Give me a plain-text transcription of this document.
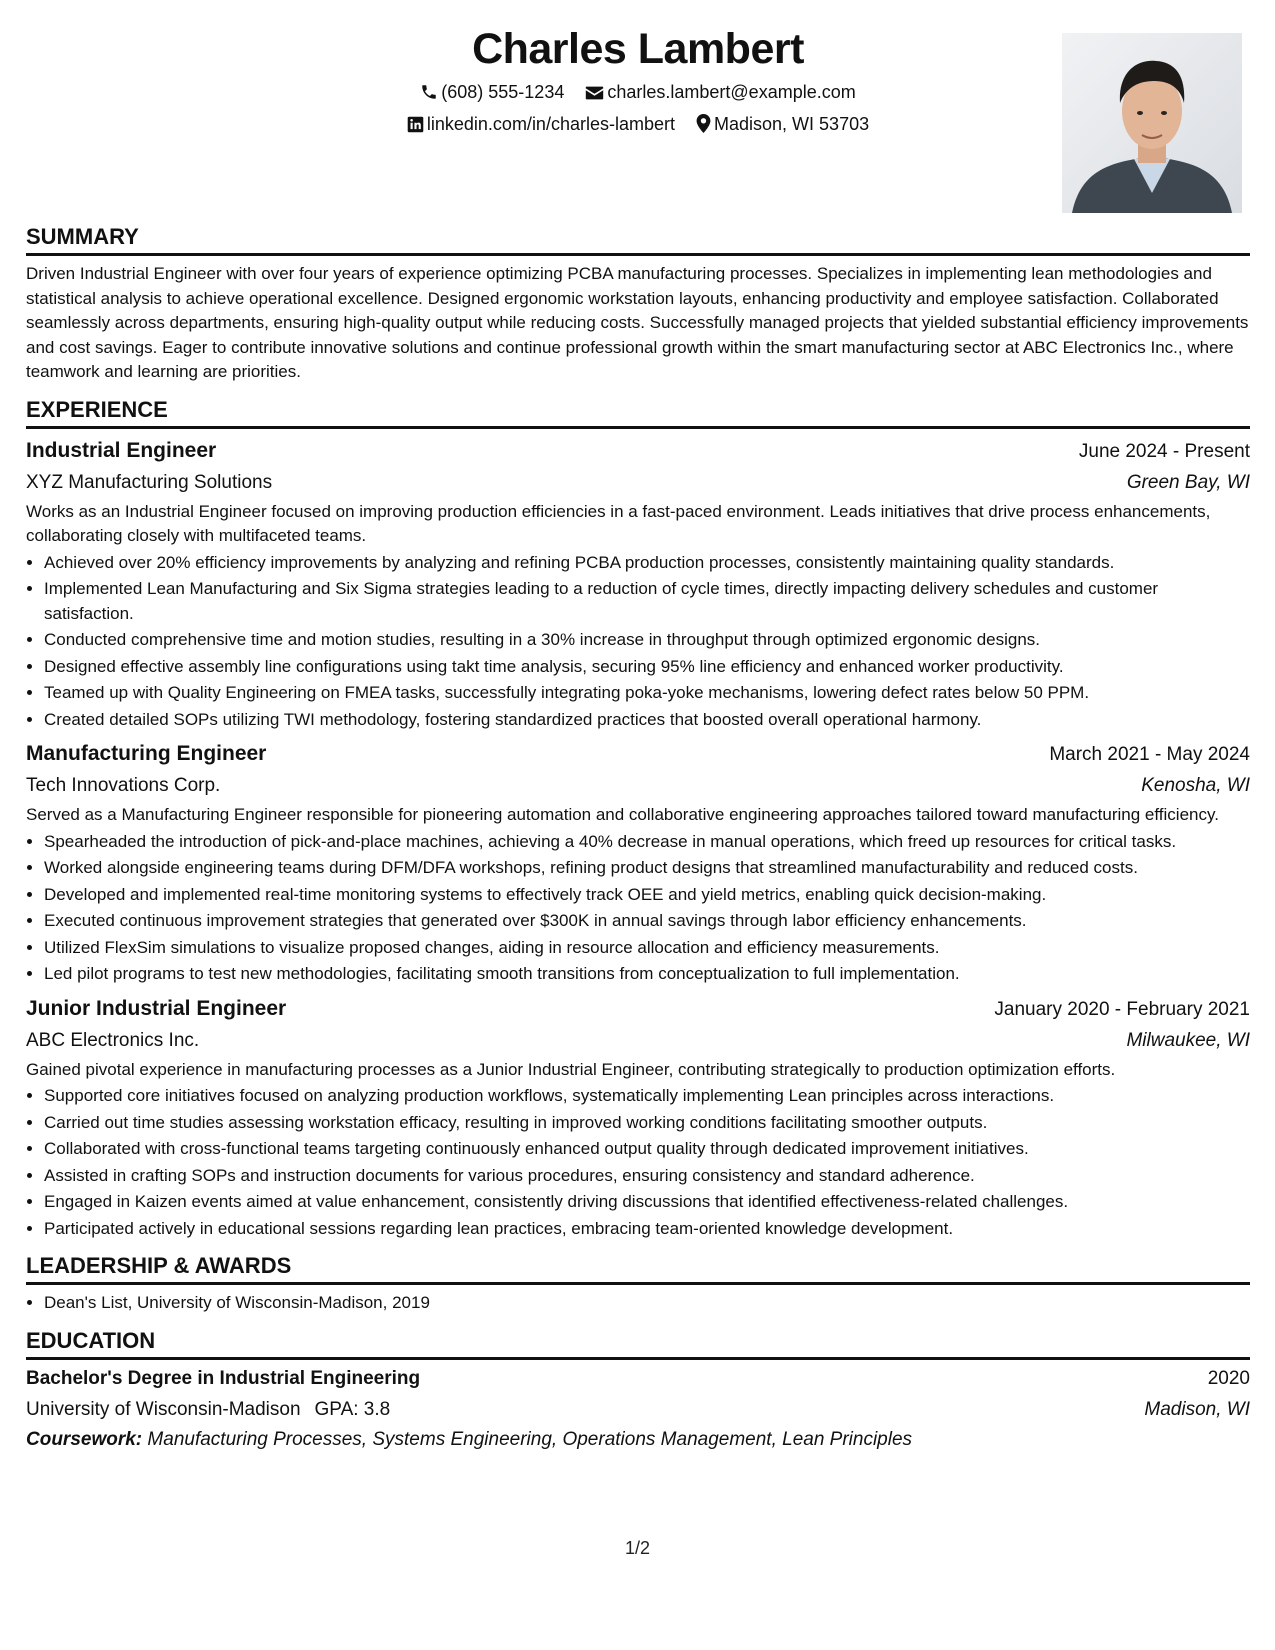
Charles Lambert
(608) 555-1234 charles.lambert@example.com
linkedin.com/in/charles-lambert Madison, WI 53703
SUMMARY
Driven Industrial Engineer with over four years of experience optimizing PCBA manufacturing processes. Specializes in implementing lean methodologies and statistical analysis to achieve operational excellence. Designed ergonomic workstation layouts, enhancing productivity and employee satisfaction. Collaborated seamlessly across departments, ensuring high-quality output while reducing costs. Successfully managed projects that yielded substantial efficiency improvements and cost savings. Eager to contribute innovative solutions and continue professional growth within the smart manufacturing sector at ABC Electronics Inc., where teamwork and learning are priorities.
EXPERIENCE
Industrial Engineer	June 2024 - Present
XYZ Manufacturing Solutions	Green Bay, WI
Works as an Industrial Engineer focused on improving production efficiencies in a fast-paced environment. Leads initiatives that drive process enhancements, collaborating closely with multifaceted teams.
• Achieved over 20% efficiency improvements by analyzing and refining PCBA production processes, consistently maintaining quality standards.
• Implemented Lean Manufacturing and Six Sigma strategies leading to a reduction of cycle times, directly impacting delivery schedules and customer satisfaction.
• Conducted comprehensive time and motion studies, resulting in a 30% increase in throughput through optimized ergonomic designs.
• Designed effective assembly line configurations using takt time analysis, securing 95% line efficiency and enhanced worker productivity.
• Teamed up with Quality Engineering on FMEA tasks, successfully integrating poka-yoke mechanisms, lowering defect rates below 50 PPM.
• Created detailed SOPs utilizing TWI methodology, fostering standardized practices that boosted overall operational harmony.
Manufacturing Engineer	March 2021 - May 2024
Tech Innovations Corp.	Kenosha, WI
Served as a Manufacturing Engineer responsible for pioneering automation and collaborative engineering approaches tailored toward manufacturing efficiency.
• Spearheaded the introduction of pick-and-place machines, achieving a 40% decrease in manual operations, which freed up resources for critical tasks.
• Worked alongside engineering teams during DFM/DFA workshops, refining product designs that streamlined manufacturability and reduced costs.
• Developed and implemented real-time monitoring systems to effectively track OEE and yield metrics, enabling quick decision-making.
• Executed continuous improvement strategies that generated over $300K in annual savings through labor efficiency enhancements.
• Utilized FlexSim simulations to visualize proposed changes, aiding in resource allocation and efficiency measurements.
• Led pilot programs to test new methodologies, facilitating smooth transitions from conceptualization to full implementation.
Junior Industrial Engineer	January 2020 - February 2021
ABC Electronics Inc.	Milwaukee, WI
Gained pivotal experience in manufacturing processes as a Junior Industrial Engineer, contributing strategically to production optimization efforts.
• Supported core initiatives focused on analyzing production workflows, systematically implementing Lean principles across interactions.
• Carried out time studies assessing workstation efficacy, resulting in improved working conditions facilitating smoother outputs.
• Collaborated with cross-functional teams targeting continuously enhanced output quality through dedicated improvement initiatives.
• Assisted in crafting SOPs and instruction documents for various procedures, ensuring consistency and standard adherence.
• Engaged in Kaizen events aimed at value enhancement, consistently driving discussions that identified effectiveness-related challenges.
• Participated actively in educational sessions regarding lean practices, embracing team-oriented knowledge development.
LEADERSHIP & AWARDS
• Dean's List, University of Wisconsin-Madison, 2019
EDUCATION
Bachelor's Degree in Industrial Engineering	2020
University of Wisconsin-Madison GPA: 3.8	Madison, WI
Coursework: Manufacturing Processes, Systems Engineering, Operations Management, Lean Principles
1/2
